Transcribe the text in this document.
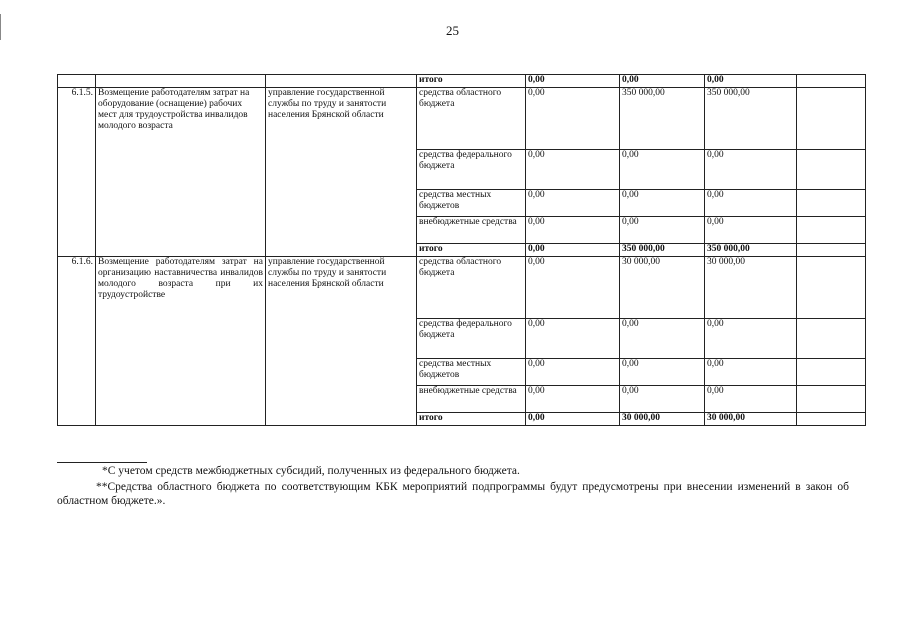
25
			итого	0,00	0,00	0,00	
6.1.5.	Возмещение работодателям затрат на оборудование (оснащение) рабочих мест для трудоустройства инвалидов молодого возраста	управление государственной службы по труду и занятости населения Брянской области	средства областного бюджета	0,00	350 000,00	350 000,00	
			средства федерального бюджета	0,00	0,00	0,00	
			средства местных бюджетов	0,00	0,00	0,00	
			внебюджетные средства	0,00	0,00	0,00	
			итого	0,00	350 000,00	350 000,00	
6.1.6.	Возмещение работодателям затрат на организацию наставничества инвалидов молодого возраста при их трудоустройстве	управление государственной службы по труду и занятости населения Брянской области	средства областного бюджета	0,00	30 000,00	30 000,00	
			средства федерального бюджета	0,00	0,00	0,00	
			средства местных бюджетов	0,00	0,00	0,00	
			внебюджетные средства	0,00	0,00	0,00	
			итого	0,00	30 000,00	30 000,00	
*С учетом средств межбюджетных субсидий, полученных из федерального бюджета.
**Средства областного бюджета по соответствующим КБК мероприятий подпрограммы будут предусмотрены при внесении изменений в закон об областном бюджете.».
